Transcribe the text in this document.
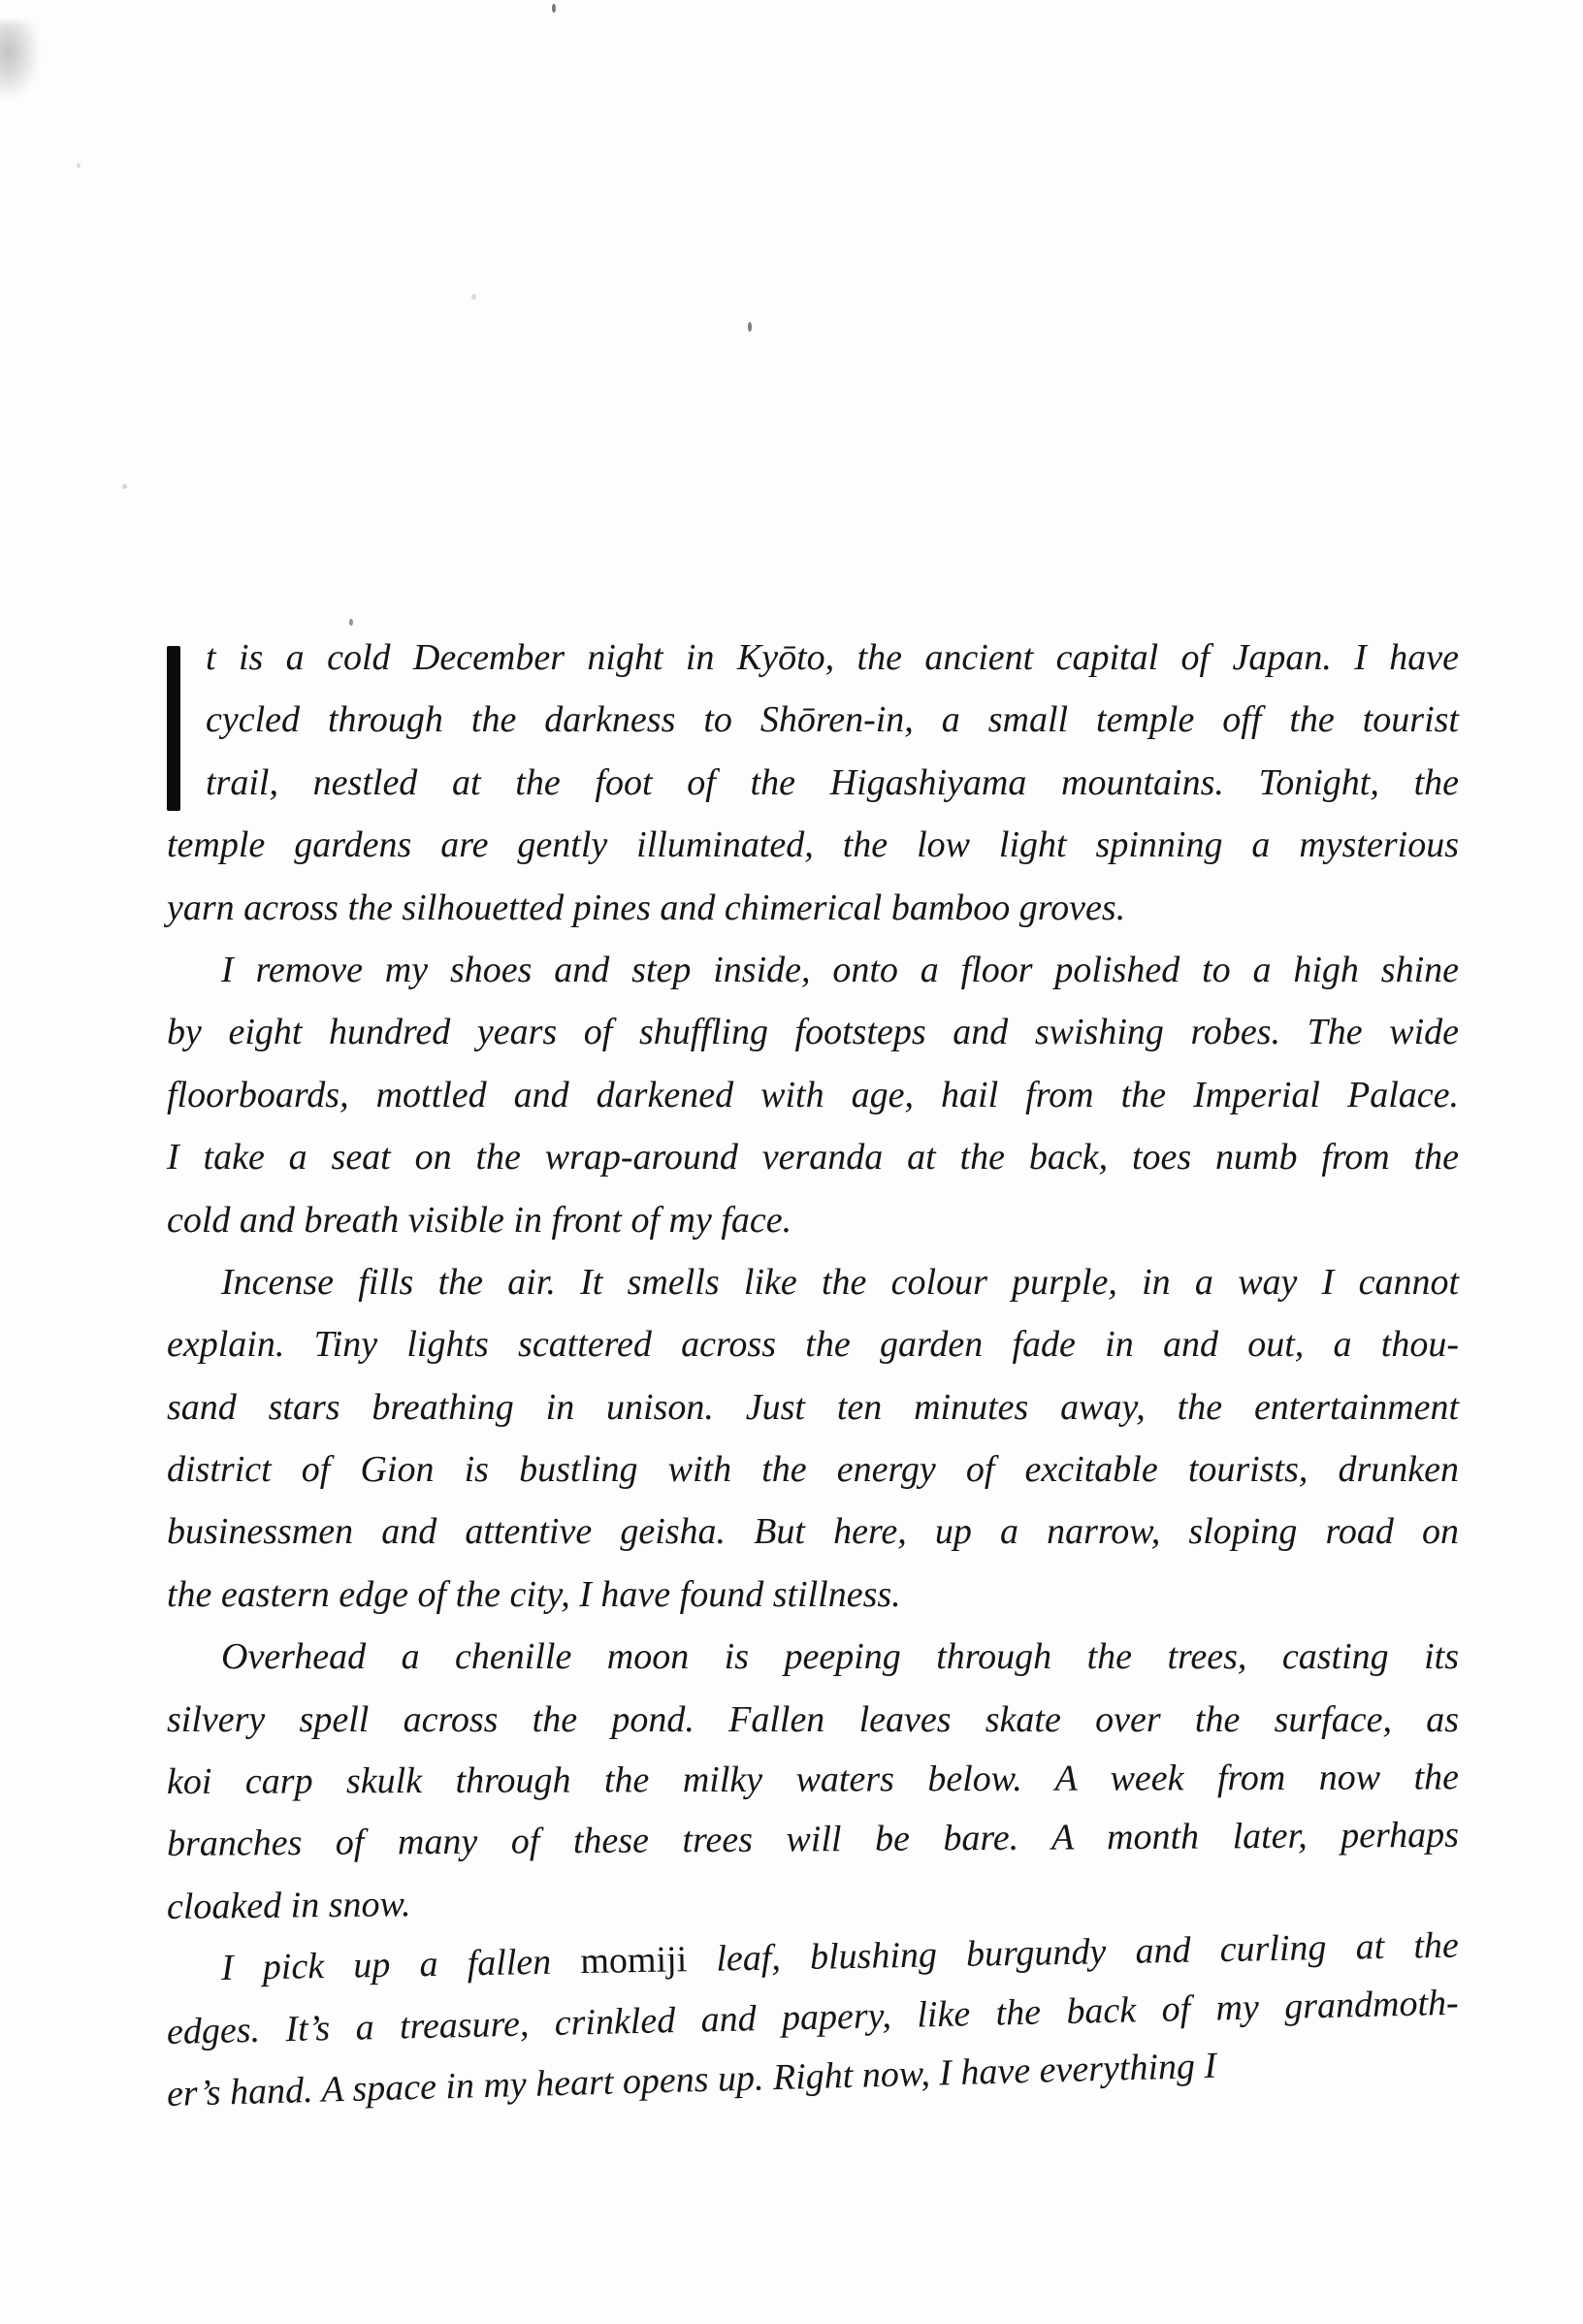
t is a cold December night in Kyōto, the ancient capital of Japan. I have
cycled through the darkness to Shōren-in, a small temple off the tourist
trail, nestled at the foot of the Higashiyama mountains. Tonight, the
temple gardens are gently illuminated, the low light spinning a mysterious
yarn across the silhouetted pines and chimerical bamboo groves.
I remove my shoes and step inside, onto a floor polished to a high shine
by eight hundred years of shuffling footsteps and swishing robes. The wide
floorboards, mottled and darkened with age, hail from the Imperial Palace.
I take a seat on the wrap-around veranda at the back, toes numb from the
cold and breath visible in front of my face.
Incense fills the air. It smells like the colour purple, in a way I cannot
explain. Tiny lights scattered across the garden fade in and out, a thou-
sand stars breathing in unison. Just ten minutes away, the entertainment
district of Gion is bustling with the energy of excitable tourists, drunken
businessmen and attentive geisha. But here, up a narrow, sloping road on
the eastern edge of the city, I have found stillness.
Overhead a chenille moon is peeping through the trees, casting its
silvery spell across the pond. Fallen leaves skate over the surface, as
koi carp skulk through the milky waters below. A week from now the
branches of many of these trees will be bare. A month later, perhaps
cloaked in snow.
I pick up a fallen momiji leaf, blushing burgundy and curling at the
edges. It’s a treasure, crinkled and papery, like the back of my grandmoth-
er’s hand. A space in my heart opens up. Right now, I have everything I
